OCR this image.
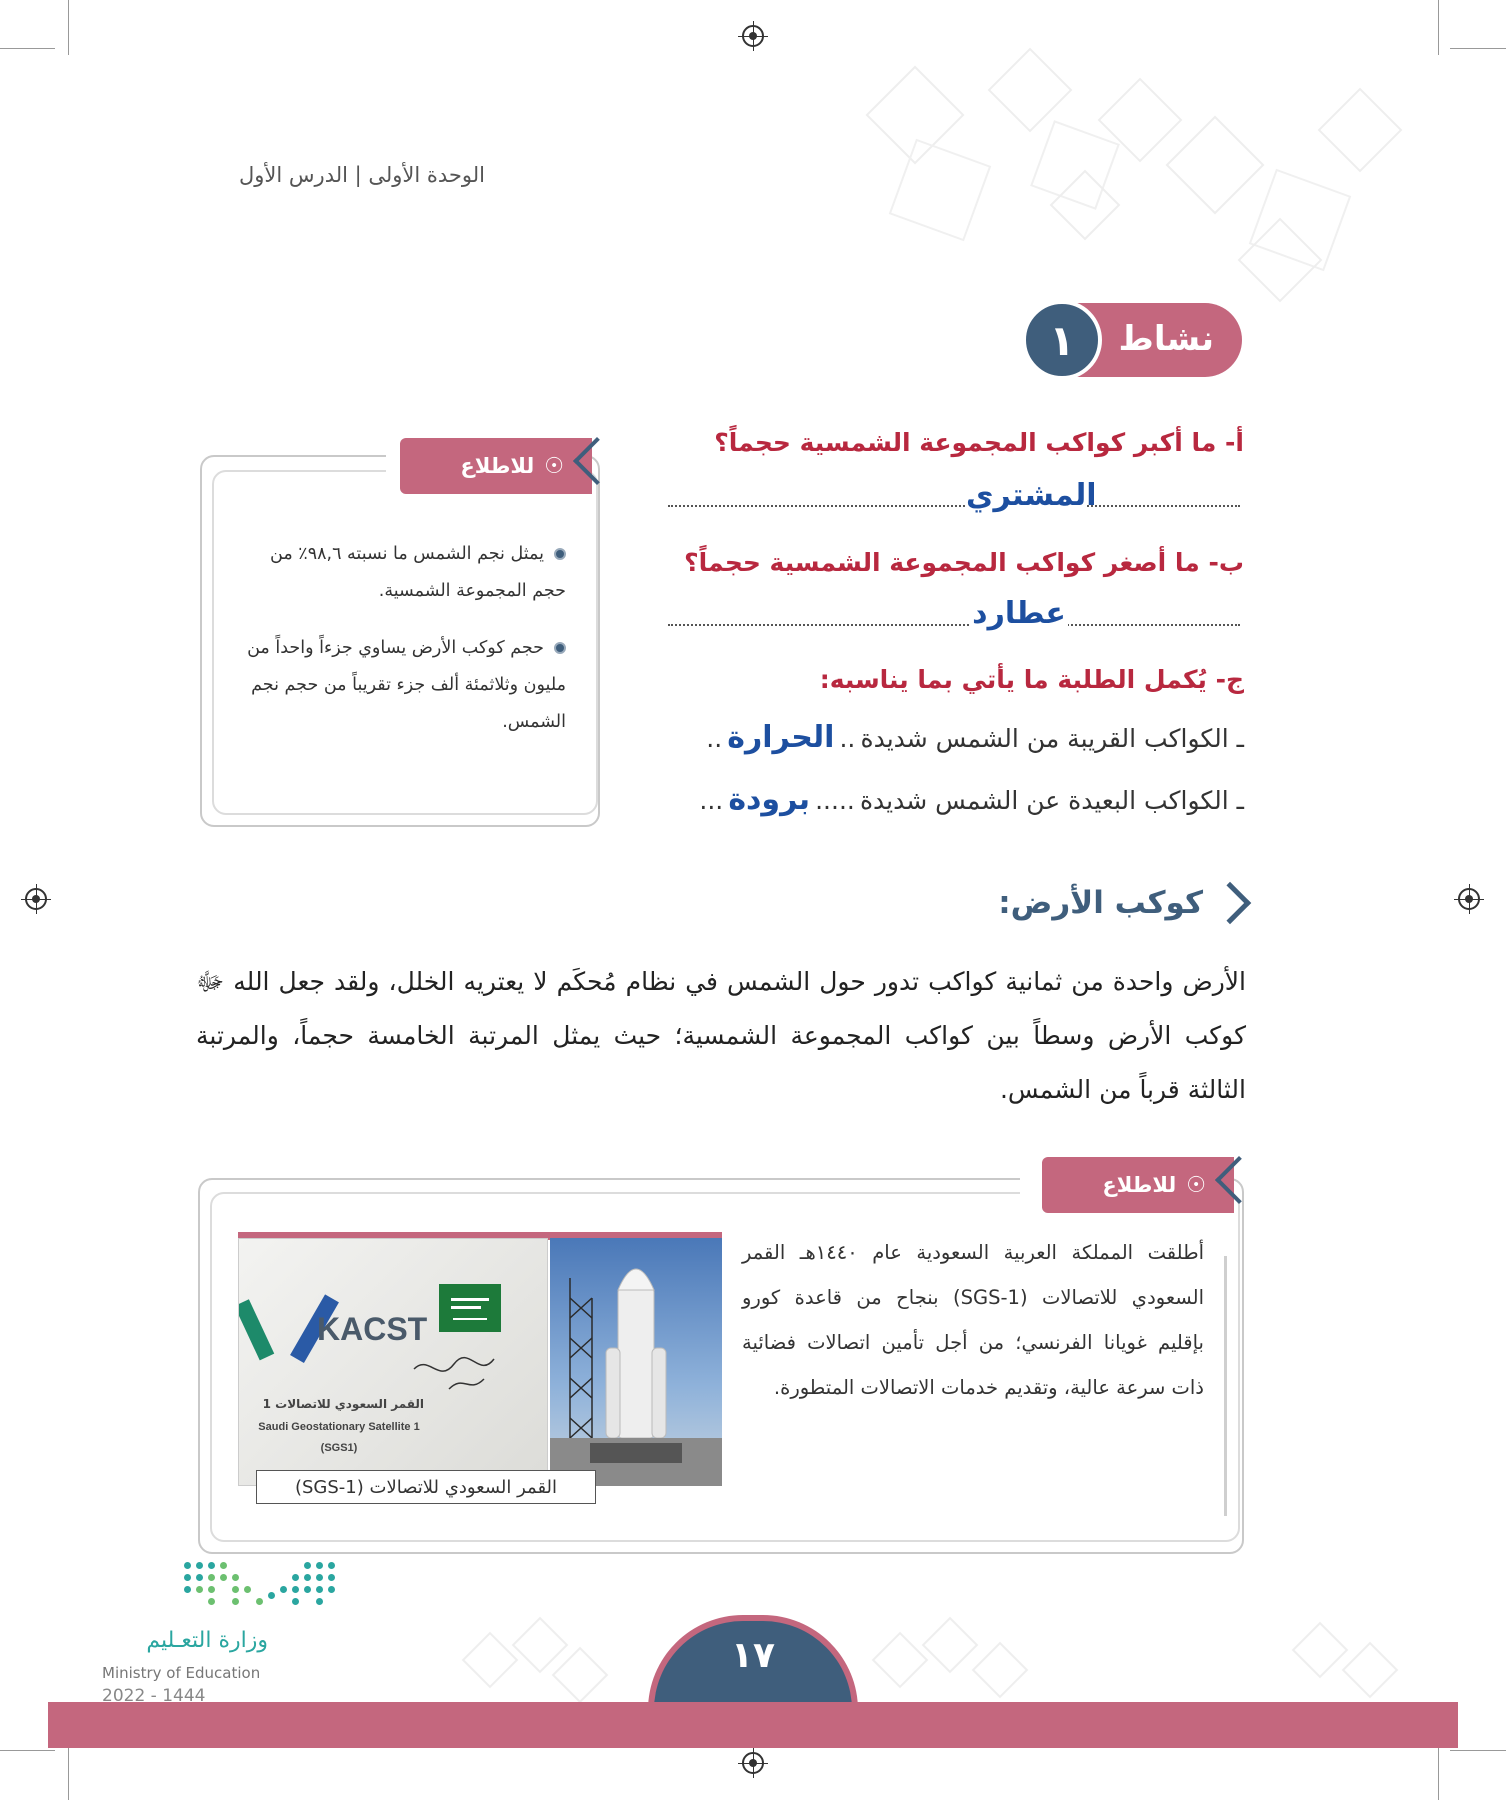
الوحدة الأولى | الدرس الأول
نشاط
١
أ- ما أكبر كواكب المجموعة الشمسية حجماً؟
المشتري
ب- ما أصغر كواكب المجموعة الشمسية حجماً؟
عطارد
ج- يُكمل الطلبة ما يأتي بما يناسبه:
ـ الكواكب القريبة من الشمس شديدة .. الحرارة ..
ـ الكواكب البعيدة عن الشمس شديدة ..... برودة ...
للاطلاع ☉
يمثل نجم الشمس ما نسبته ٩٨,٦٪ من حجم المجموعة الشمسية.
حجم كوكب الأرض يساوي جزءاً واحداً من مليون وثلاثمئة ألف جزء تقريباً من حجم نجم الشمس.
كوكب الأرض:
الأرض واحدة من ثمانية كواكب تدور حول الشمس في نظام مُحكَم لا يعتريه الخلل، ولقد جعل الله ﷻ كوكب الأرض وسطاً بين كواكب المجموعة الشمسية؛ حيث يمثل المرتبة الخامسة حجماً، والمرتبة الثالثة قرباً من الشمس.
للاطلاع ☉
أطلقت المملكة العربية السعودية عام ١٤٤٠هـ القمر السعودي للاتصالات (SGS-1) بنجاح من قاعدة كورو بإقليم غويانا الفرنسي؛ من أجل تأمين اتصالات فضائية ذات سرعة عالية، وتقديم خدمات الاتصالات المتطورة.
KACST
القمر السعودي للاتصالات 1
Saudi Geostationary Satellite 1
(SGS1)
القمر السعودي للاتصالات (SGS-1)
١٧
وزارة التعـليم
Ministry of Education
2022 - 1444
